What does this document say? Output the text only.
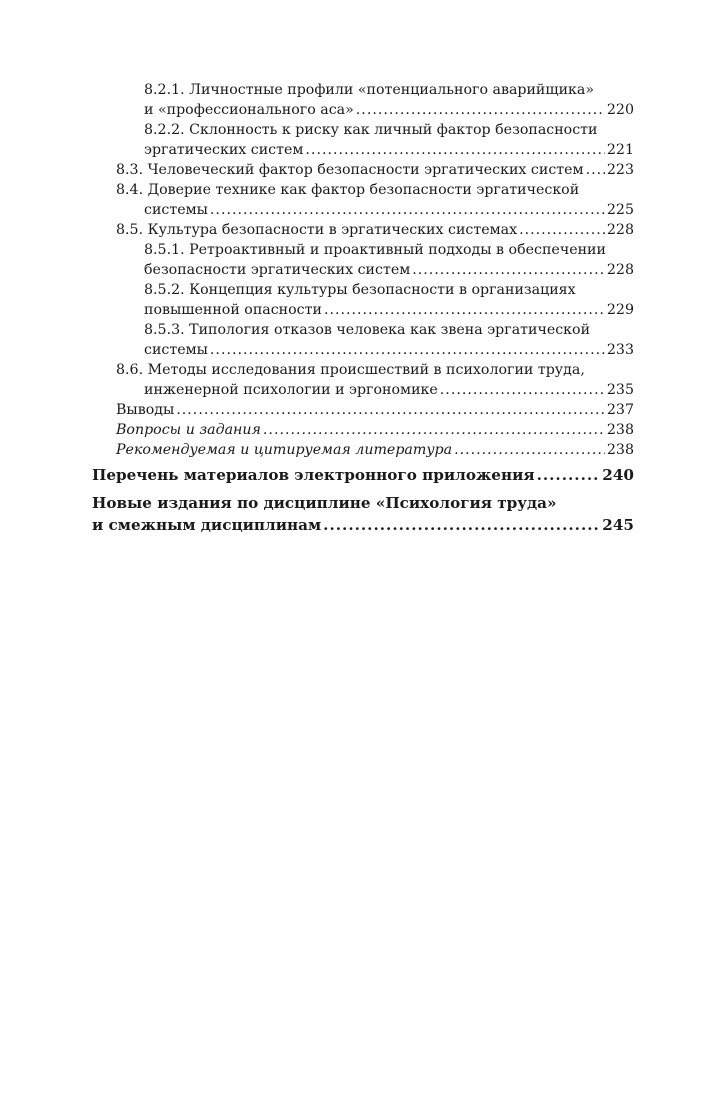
8.2.1. Личностные профили «потенциального аварийщика»
и «профессионального аса» .....	220
8.2.2. Склонность к риску как личный фактор безопасности
эргатических систем .....	221
8.3. Человеческий фактор безопасности эргатических систем ..... 223
8.4. Доверие технике как фактор безопасности эргатической
системы .....	225
8.5. Культура безопасности в эргатических системах .....	228
8.5.1. Ретроактивный и проактивный подходы в обеспечении
безопасности эргатических систем .....	228
8.5.2. Концепция культуры безопасности в организациях
повышенной опасности .....	229
8.5.3. Типология отказов человека как звена эргатической
системы .....	233
8.6. Методы исследования происшествий в психологии труда,
инженерной психологии и эргономике .....	235
Выводы .....	237
Вопросы и задания .....	238
Рекомендуемая и цитируемая литература .....	238
Перечень материалов электронного приложения .....	240
Новые издания по дисциплине «Психология труда»
и смежным дисциплинам .....	245
